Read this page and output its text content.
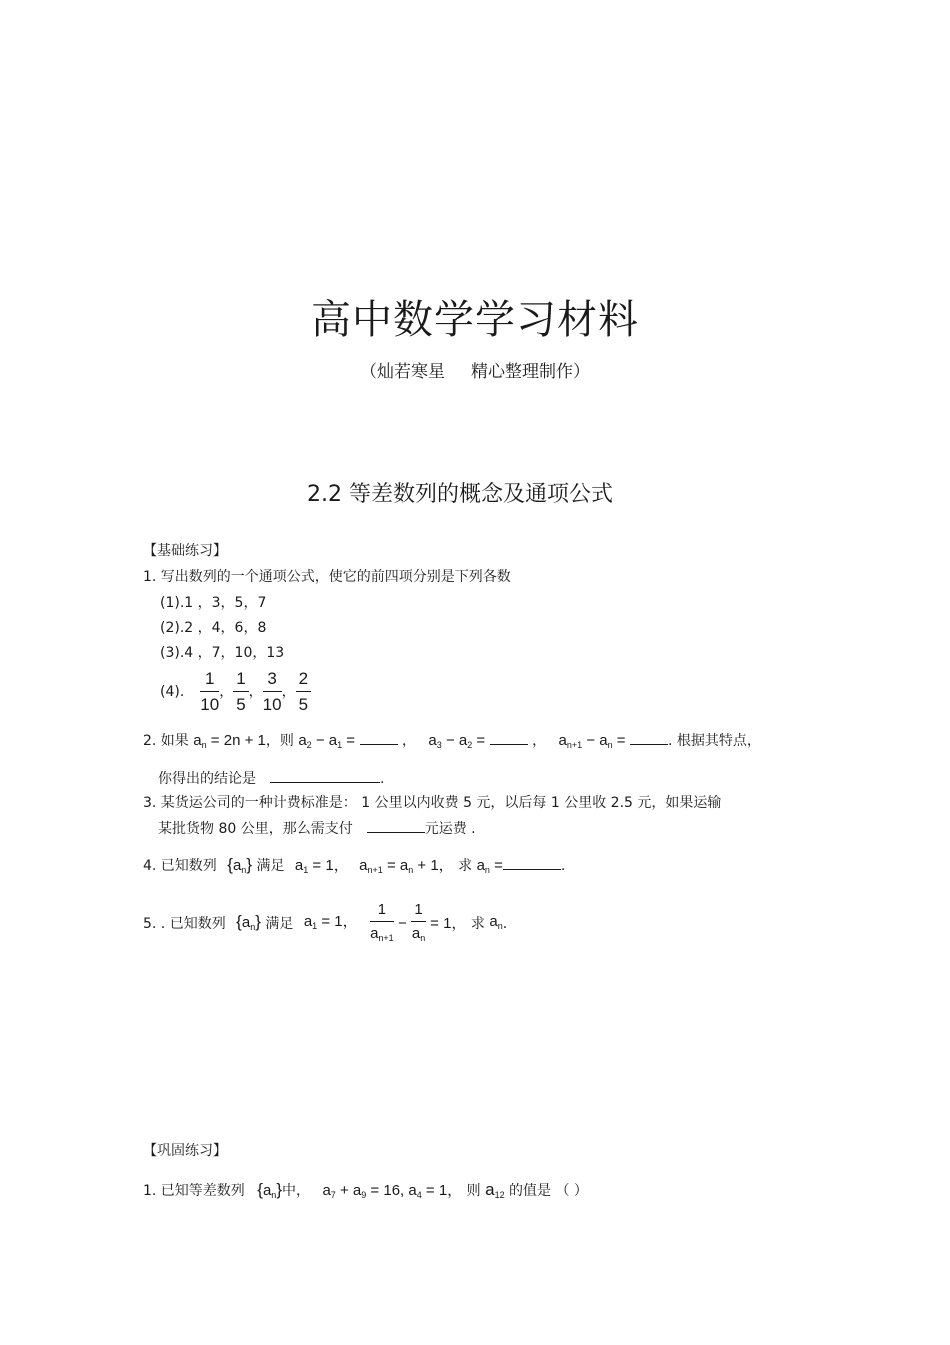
高中数学学习材料
（灿若寒星 精心整理制作）
2.2 等差数列的概念及通项公式
【基础练习】
1. 写出数列的一个通项公式，使它的前四项分别是下列各数
(1).1 ，3，5，7
(2).2 ，4，6，8
(3).4 ，7，10，13
(4). $\frac{1}{10}$ ， $\frac{1}{5}$ ， $\frac{3}{10}$ ， $\frac{2}{5}$
2. 如果 $a_n = 2n + 1$，则 $a_2 - a_1$ =	， $a_3 - a_2$ =	， $a_{n+1} - a_n$ =	. 根据其特点，
你得出的结论是	.
3. 某货运公司的一种计费标准是： 1 公里以内收费 5 元，以后每 1 公里收 2.5 元，如果运输
某批货物 80 公里，那么需支付	元运费 .
4. 已知数列 $\{a_n\}$ 满足 $a_1 = 1$， $a_{n+1} = a_n + 1$， 求 $a_n$ =	.
5. . 已知数列 $\{a_n\}$ 满足 $a_1 = 1$， $\frac{1}{a_{n+1}} - \frac{1}{a_n} = 1$， 求 $a_n$.
【巩固练习】
1. 已知等差数列 $\{a_n\}$中， $a_7 + a_9 = 16$, $a_4 = 1$， 则 $a_{12}$ 的值是 （ ）
